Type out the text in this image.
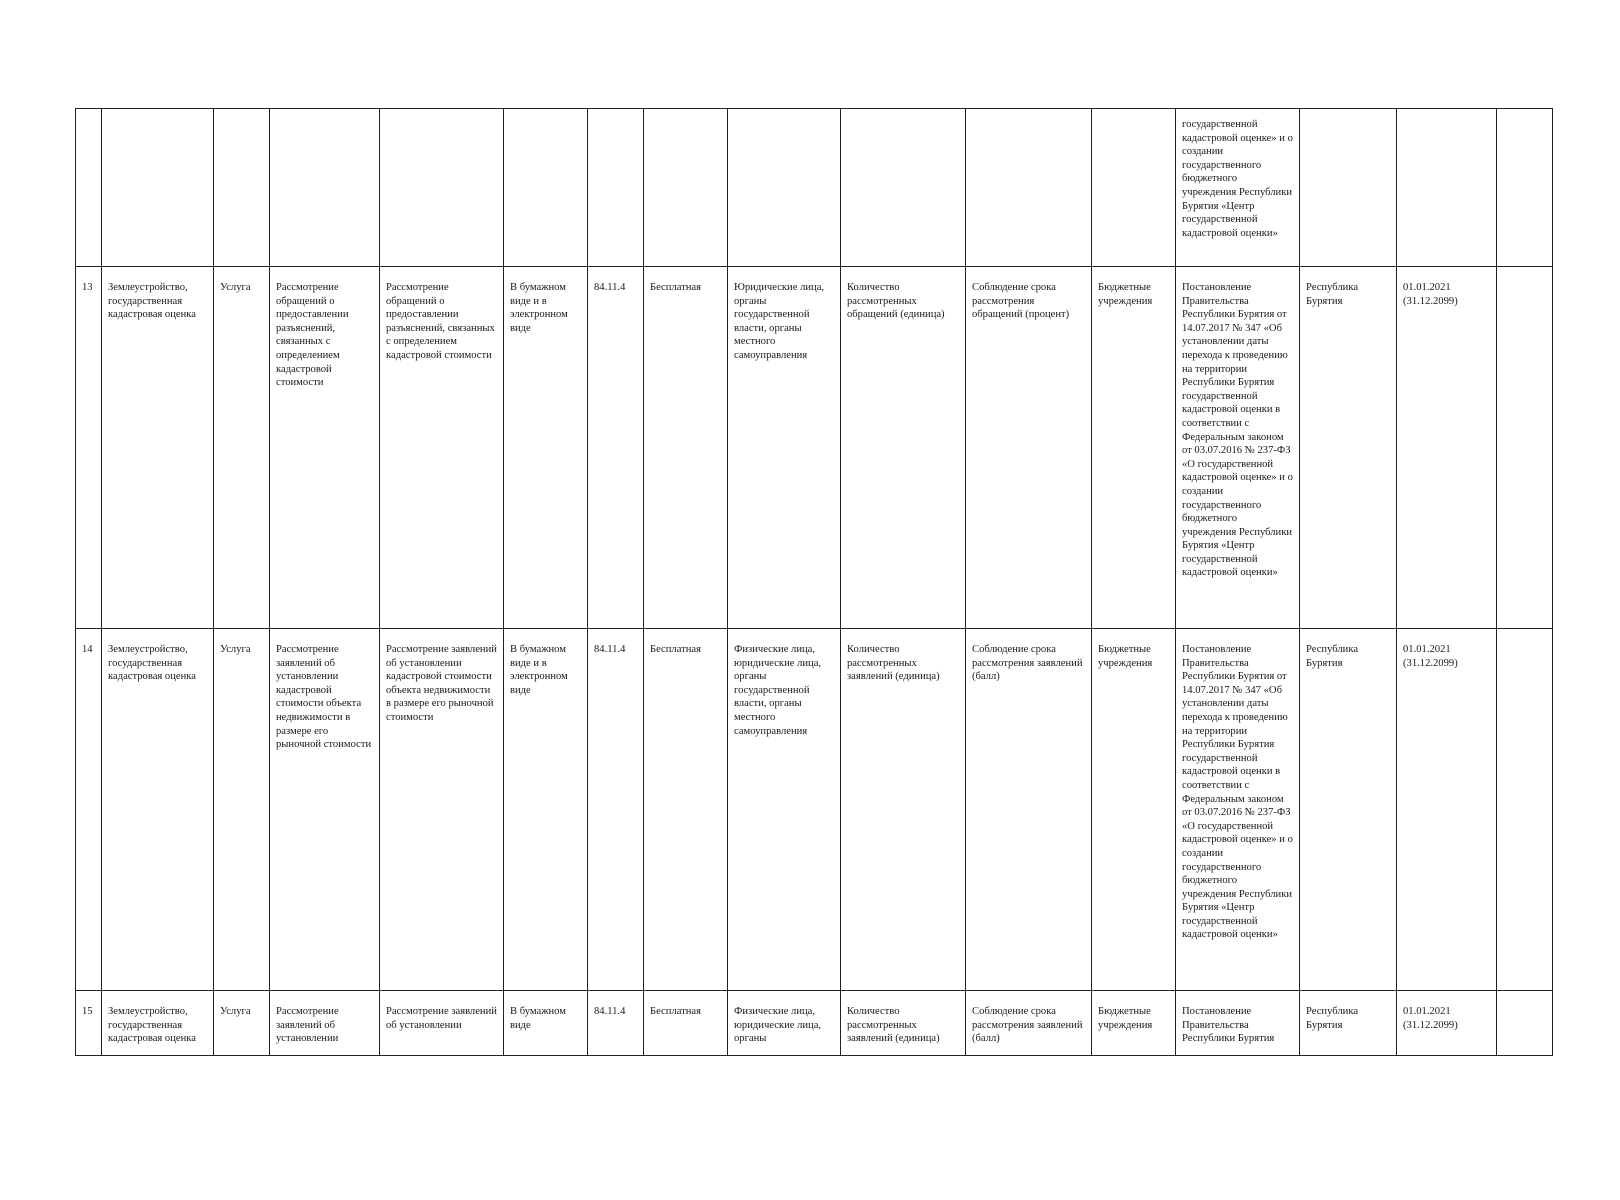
												государственной кадастровой оценке» и о создании государственного бюджетного учреждения Республики Бурятия «Центр государственной кадастровой оценки»			
13	Землеустройство, государственная кадастровая оценка	Услуга	Рассмотрение обращений о предоставлении разъяснений, связанных с определением кадастровой стоимости	Рассмотрение обращений о предоставлении разъяснений, связанных с определением кадастровой стоимости	В бумажном виде и в электронном виде	84.11.4	Бесплатная	Юридические лица, органы государственной власти, органы местного самоуправления	Количество рассмотренных обращений (единица)	Соблюдение срока рассмотрения обращений (процент)	Бюджетные учреждения	Постановление Правительства Республики Бурятия от 14.07.2017 № 347 «Об установлении даты перехода к проведению на территории Республики Бурятия государственной кадастровой оценки в соответствии с Федеральным законом от 03.07.2016 № 237-ФЗ «О государственной кадастровой оценке» и о создании государственного бюджетного учреждения Республики Бурятия «Центр государственной кадастровой оценки»	Республика Бурятия	01.01.2021 (31.12.2099)	
14	Землеустройство, государственная кадастровая оценка	Услуга	Рассмотрение заявлений об установлении кадастровой стоимости объекта недвижимости в размере его рыночной стоимости	Рассмотрение заявлений об установлении кадастровой стоимости объекта недвижимости в размере его рыночной стоимости	В бумажном виде и в электронном виде	84.11.4	Бесплатная	Физические лица, юридические лица, органы государственной власти, органы местного самоуправления	Количество рассмотренных заявлений (единица)	Соблюдение срока рассмотрения заявлений (балл)	Бюджетные учреждения	Постановление Правительства Республики Бурятия от 14.07.2017 № 347 «Об установлении даты перехода к проведению на территории Республики Бурятия государственной кадастровой оценки в соответствии с Федеральным законом от 03.07.2016 № 237-ФЗ «О государственной кадастровой оценке» и о создании государственного бюджетного учреждения Республики Бурятия «Центр государственной кадастровой оценки»	Республика Бурятия	01.01.2021 (31.12.2099)	
15	Землеустройство, государственная кадастровая оценка	Услуга	Рассмотрение заявлений об установлении	Рассмотрение заявлений об установлении	В бумажном виде	84.11.4	Бесплатная	Физические лица, юридические лица, органы	Количество рассмотренных заявлений (единица)	Соблюдение срока рассмотрения заявлений (балл)	Бюджетные учреждения	Постановление Правительства Республики Бурятия	Республика Бурятия	01.01.2021 (31.12.2099)	
